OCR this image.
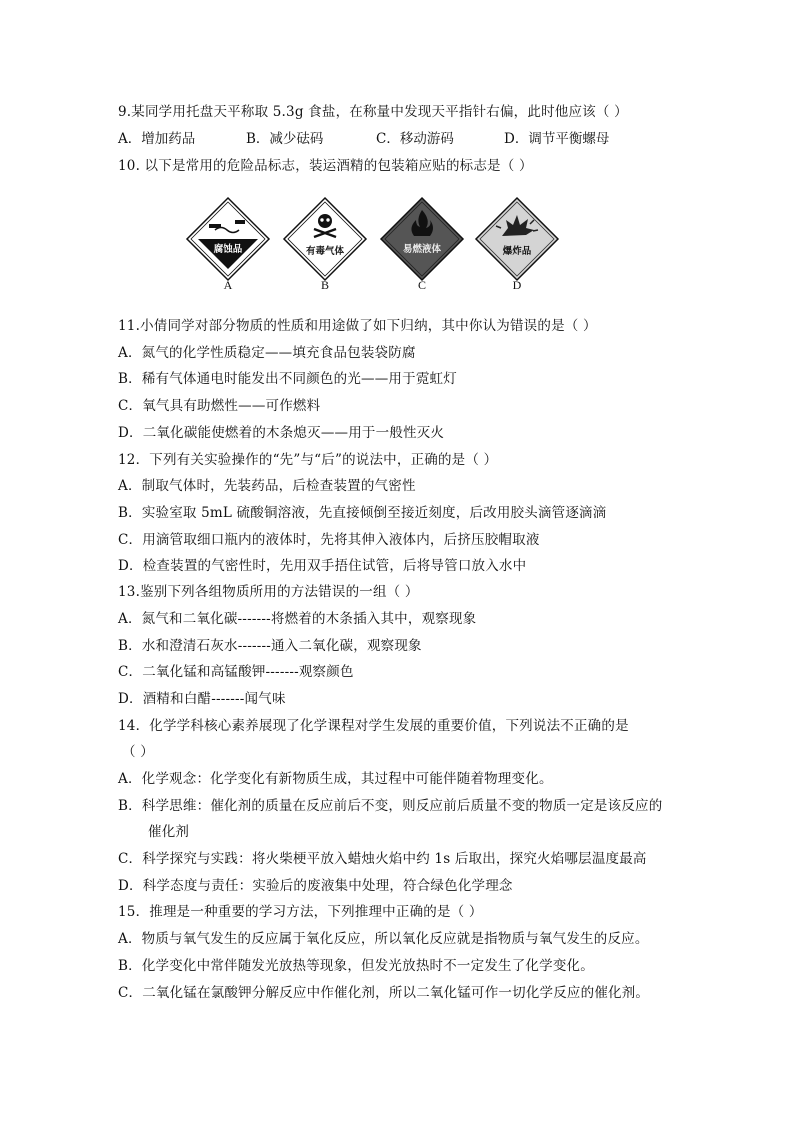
9.某同学用托盘天平称取 5.3g 食盐，在称量中发现天平指针右偏，此时他应该（ ）
A．增加药品	B．减少砝码	C．移动游码	D．调节平衡螺母
10. 以下是常用的危险品标志，装运酒精的包装箱应贴的标志是（ ）
腐蚀品
A
有毒气体
B
易燃液体
C
爆炸品
D
11.小倩同学对部分物质的性质和用途做了如下归纳，其中你认为错误的是（ ）
A．氮气的化学性质稳定——填充食品包装袋防腐
B．稀有气体通电时能发出不同颜色的光——用于霓虹灯
C．氧气具有助燃性——可作燃料
D．二氧化碳能使燃着的木条熄灭——用于一般性灭火
12．下列有关实验操作的“先”与“后”的说法中，正确的是（ ）
A．制取气体时，先装药品，后检查装置的气密性
B．实验室取 5mL 硫酸铜溶液，先直接倾倒至接近刻度，后改用胶头滴管逐滴滴
C．用滴管取细口瓶内的液体时，先将其伸入液体内，后挤压胶帽取液
D．检查装置的气密性时，先用双手捂住试管，后将导管口放入水中
13.鉴别下列各组物质所用的方法错误的一组（ ）
A．氮气和二氧化碳-------将燃着的木条插入其中，观察现象
B．水和澄清石灰水-------通入二氧化碳，观察现象
C．二氧化锰和高锰酸钾-------观察颜色
D．酒精和白醋-------闻气味
14．化学学科核心素养展现了化学课程对学生发展的重要价值，下列说法不正确的是
（ ）
A．化学观念：化学变化有新物质生成，其过程中可能伴随着物理变化。
B．科学思维：催化剂的质量在反应前后不变，则反应前后质量不变的物质一定是该反应的
催化剂
C．科学探究与实践：将火柴梗平放入蜡烛火焰中约 1s 后取出，探究火焰哪层温度最高
D．科学态度与责任：实验后的废液集中处理，符合绿色化学理念
15．推理是一种重要的学习方法，下列推理中正确的是（ ）
A．物质与氧气发生的反应属于氧化反应，所以氧化反应就是指物质与氧气发生的反应。
B．化学变化中常伴随发光放热等现象，但发光放热时不一定发生了化学变化。
C．二氧化锰在氯酸钾分解反应中作催化剂，所以二氧化锰可作一切化学反应的催化剂。
